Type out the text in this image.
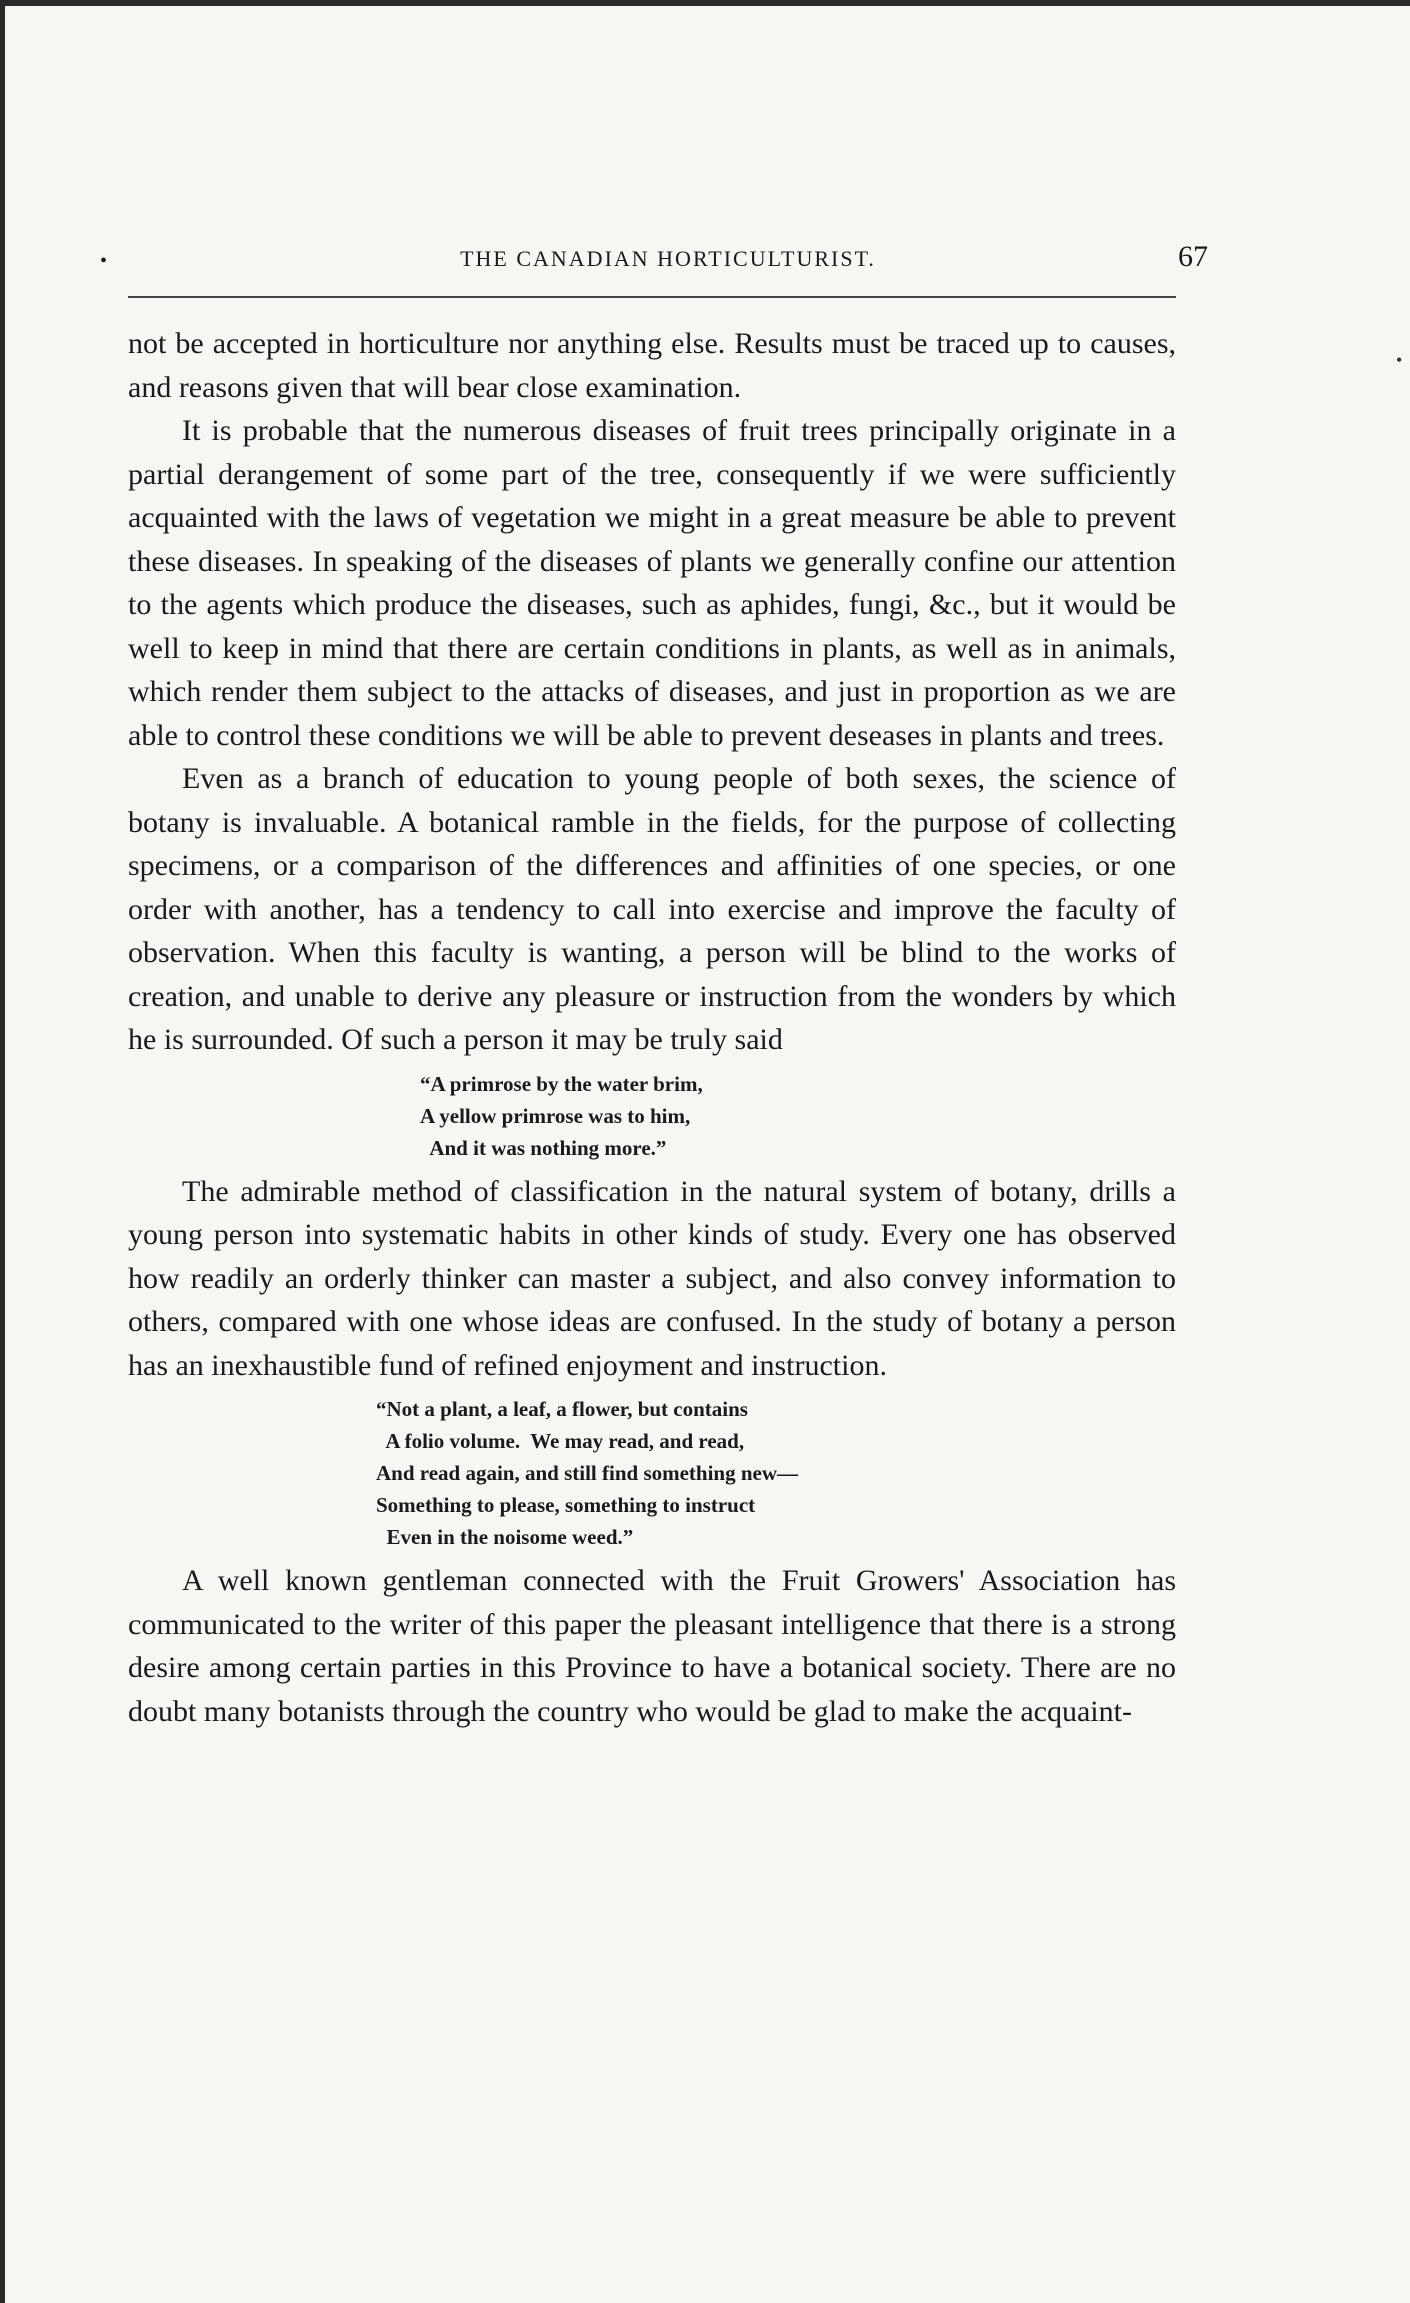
•	THE CANADIAN HORTICULTURIST.	67
•

not be accepted in horticulture nor anything else. Results must be traced up to causes, and reasons given that will bear close examination.

It is probable that the numerous diseases of fruit trees principally originate in a partial derangement of some part of the tree, consequently if we were sufficiently acquainted with the laws of vegetation we might in a great measure be able to prevent these diseases. In speaking of the diseases of plants we generally confine our attention to the agents which produce the diseases, such as aphides, fungi, &c., but it would be well to keep in mind that there are certain conditions in plants, as well as in animals, which render them subject to the attacks of diseases, and just in proportion as we are able to control these conditions we will be able to prevent deseases in plants and trees.

Even as a branch of education to young people of both sexes, the science of botany is invaluable. A botanical ramble in the fields, for the purpose of collecting specimens, or a comparison of the differences and affinities of one species, or one order with another, has a tendency to call into exercise and improve the faculty of observation. When this faculty is wanting, a person will be blind to the works of creation, and unable to derive any pleasure or instruction from the wonders by which he is surrounded. Of such a person it may be truly said

“A primrose by the water brim,
A yellow primrose was to him,
And it was nothing more.”

The admirable method of classification in the natural system of botany, drills a young person into systematic habits in other kinds of study. Every one has observed how readily an orderly thinker can master a subject, and also convey information to others, compared with one whose ideas are confused. In the study of botany a person has an inexhaustible fund of refined enjoyment and instruction.

“Not a plant, a leaf, a flower, but contains
A folio volume.  We may read, and read,
And read again, and still find something new—
Something to please, something to instruct
Even in the noisome weed.”

A well known gentleman connected with the Fruit Growers' Association has communicated to the writer of this paper the pleasant intelligence that there is a strong desire among certain parties in this Province to have a botanical society. There are no doubt many botanists through the country who would be glad to make the acquaint-
